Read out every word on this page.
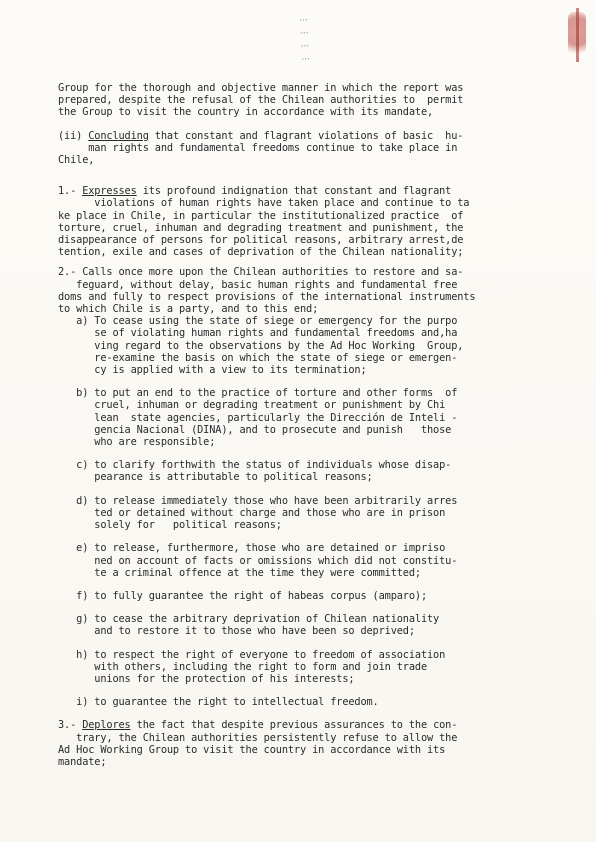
...
...
...
...

Group for the thorough and objective manner in which the report was

prepared, despite the refusal of the Chilean authorities to  permit

the Group to visit the country in accordance with its mandate,

(ii) Concluding that constant and flagrant violations of basic  hu-

man rights and fundamental freedoms continue to take place in

Chile,

1.- Expresses its profound indignation that constant and flagrant

violations of human rights have taken place and continue to ta

ke place in Chile, in particular the institutionalized practice  of

torture, cruel, inhuman and degrading treatment and punishment, the

disappearance of persons for political reasons, arbitrary arrest,de

tention, exile and cases of deprivation of the Chilean nationality;

2.- Calls once more upon the Chilean authorities to restore and sa-

feguard, without delay, basic human rights and fundamental free

doms and fully to respect provisions of the international instruments

to which Chile is a party, and to this end;

a) To cease using the state of siege or emergency for the purpo

se of violating human rights and fundamental freedoms and,ha

ving regard to the observations by the Ad Hoc Working  Group,

re-examine the basis on which the state of siege or emergen-

cy is applied with a view to its termination;

b) to put an end to the practice of torture and other forms  of

cruel, inhuman or degrading treatment or punishment by Chi

lean  state agencies, particularly the Dirección de Inteli -

gencia Nacional (DINA), and to prosecute and punish   those

who are responsible;

c) to clarify forthwith the status of individuals whose disap-

pearance is attributable to political reasons;

d) to release immediately those who have been arbitrarily arres

ted or detained without charge and those who are in prison

solely for   political reasons;

e) to release, furthermore, those who are detained or impriso

ned on account of facts or omissions which did not constitu-

te a criminal offence at the time they were committed;

f) to fully guarantee the right of habeas corpus (amparo);

g) to cease the arbitrary deprivation of Chilean nationality

and to restore it to those who have been so deprived;

h) to respect the right of everyone to freedom of association

with others, including the right to form and join trade

unions for the protection of his interests;

i) to guarantee the right to intellectual freedom.

3.- Deplores the fact that despite previous assurances to the con-

trary, the Chilean authorities persistently refuse to allow the

Ad Hoc Working Group to visit the country in accordance with its

mandate;
